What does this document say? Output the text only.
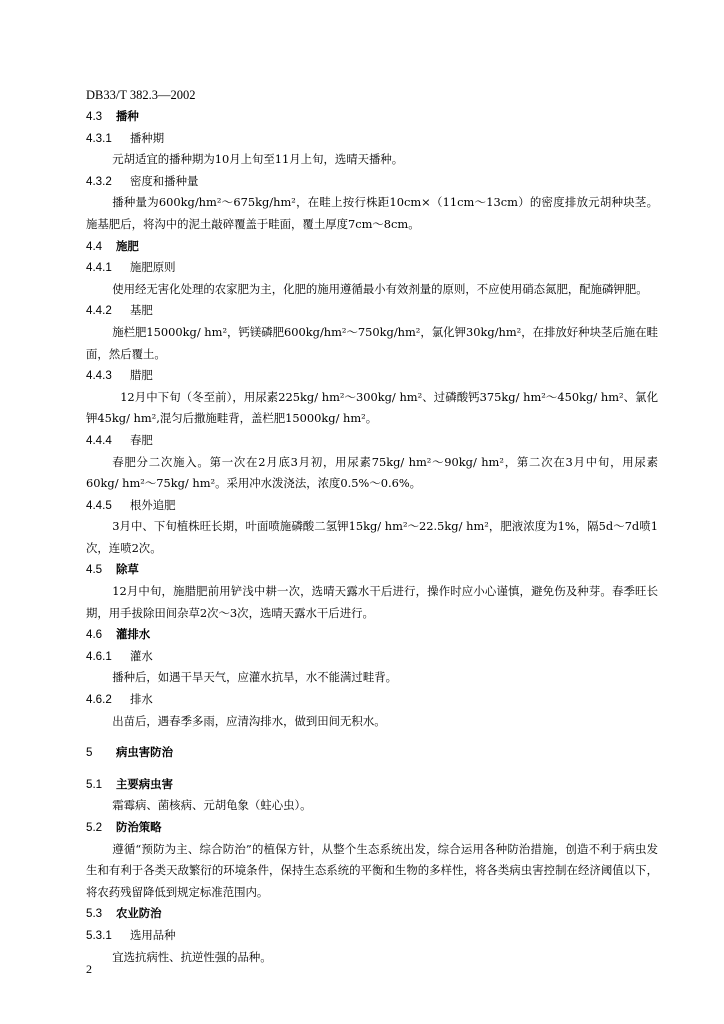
DB33/T 382.3—2002
4.3	播种
4.3.1	播种期
元胡适宜的播种期为10月上旬至11月上旬，选晴天播种。
4.3.2	密度和播种量
播种量为600kg/hm²～675kg/hm²，在畦上按行株距10cm×（11cm～13cm）的密度排放元胡种块茎。施基肥后，将沟中的泥土敲碎覆盖于畦面，覆土厚度7cm～8cm。
4.4	施肥
4.4.1	施肥原则
使用经无害化处理的农家肥为主，化肥的施用遵循最小有效剂量的原则，不应使用硝态氮肥，配施磷钾肥。
4.4.2	基肥
施栏肥15000kg/ hm²，钙镁磷肥600kg/hm²～750kg/hm²，氯化钾30kg/hm²，在排放好种块茎后施在畦面，然后覆土。
4.4.3	腊肥
12月中下旬（冬至前），用尿素225kg/ hm²～300kg/ hm²、过磷酸钙375kg/ hm²～450kg/ hm²、氯化钾45kg/ hm²,混匀后撒施畦背，盖栏肥15000kg/ hm²。
4.4.4	春肥
春肥分二次施入。第一次在2月底3月初，用尿素75kg/ hm²～90kg/ hm²，第二次在3月中旬，用尿素60kg/ hm²～75kg/ hm²。采用冲水泼浇法，浓度0.5%～0.6%。
4.4.5	根外追肥
3月中、下旬植株旺长期，叶面喷施磷酸二氢钾15kg/ hm²～22.5kg/ hm²，肥液浓度为1%，隔5d～7d喷1次，连喷2次。
4.5	除草
12月中旬，施腊肥前用铲浅中耕一次，选晴天露水干后进行，操作时应小心谨慎，避免伤及种芽。春季旺长期，用手拔除田间杂草2次～3次，选晴天露水干后进行。
4.6	灌排水
4.6.1	灌水
播种后，如遇干旱天气，应灌水抗旱，水不能满过畦背。
4.6.2	排水
出苗后，遇春季多雨，应清沟排水，做到田间无积水。
5	病虫害防治
5.1	主要病虫害
霜霉病、菌核病、元胡龟象（蛀心虫）。
5.2	防治策略
遵循“预防为主、综合防治”的植保方针，从整个生态系统出发，综合运用各种防治措施，创造不利于病虫发生和有利于各类天敌繁衍的环境条件，保持生态系统的平衡和生物的多样性，将各类病虫害控制在经济阈值以下，将农药残留降低到规定标准范围内。
5.3	农业防治
5.3.1	选用品种
宜选抗病性、抗逆性强的品种。
2
